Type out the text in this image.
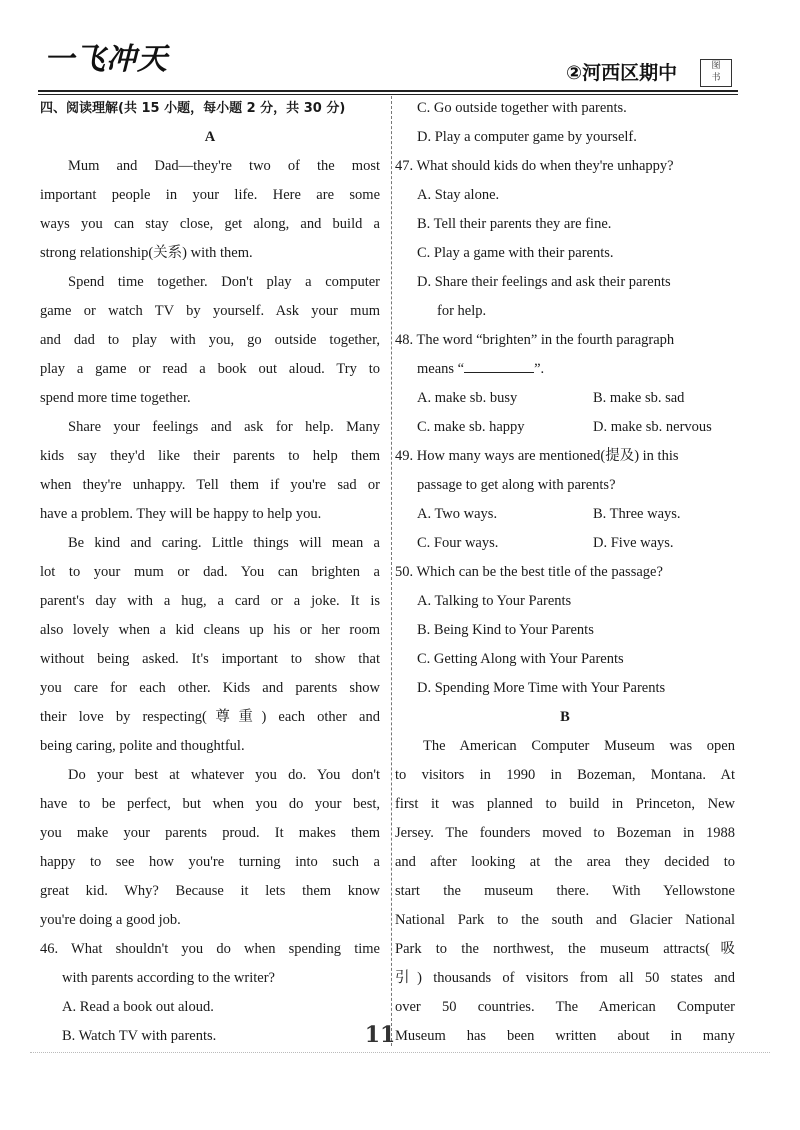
一飞冲天	②河西区期中	图
书
四、阅读理解(共 15 小题，每小题 2 分，共 30 分)
A
Mum and Dad—they're two of the most
important people in your life. Here are some
ways you can stay close, get along, and build a
strong relationship(关系) with them.
Spend time together. Don't play a computer
game or watch TV by yourself. Ask your mum
and dad to play with you, go outside together,
play a game or read a book out aloud. Try to
spend more time together.
Share your feelings and ask for help. Many
kids say they'd like their parents to help them
when they're unhappy. Tell them if you're sad or
have a problem. They will be happy to help you.
Be kind and caring. Little things will mean a
lot to your mum or dad. You can brighten a
parent's day with a hug, a card or a joke. It is
also lovely when a kid cleans up his or her room
without being asked. It's important to show that
you care for each other. Kids and parents show
their love by respecting(尊重) each other and
being caring, polite and thoughtful.
Do your best at whatever you do. You don't
have to be perfect, but when you do your best,
you make your parents proud. It makes them
happy to see how you're turning into such a
great kid. Why? Because it lets them know
you're doing a good job.
46. What shouldn't you do when spending time
with parents according to the writer?
A. Read a book out aloud.
B. Watch TV with parents.
C. Go outside together with parents.
D. Play a computer game by yourself.
47. What should kids do when they're unhappy?
A. Stay alone.
B. Tell their parents they are fine.
C. Play a game with their parents.
D. Share their feelings and ask their parents
for help.
48. The word “brighten” in the fourth paragraph
means “	”.
A. make sb. busy	B. make sb. sad
C. make sb. happy	D. make sb. nervous
49. How many ways are mentioned(提及) in this
passage to get along with parents?
A. Two ways.	B. Three ways.
C. Four ways.	D. Five ways.
50. Which can be the best title of the passage?
A. Talking to Your Parents
B. Being Kind to Your Parents
C. Getting Along with Your Parents
D. Spending More Time with Your Parents
B
The American Computer Museum was open
to visitors in 1990 in Bozeman, Montana. At
first it was planned to build in Princeton, New
Jersey. The founders moved to Bozeman in 1988
and after looking at the area they decided to
start the museum there. With Yellowstone
National Park to the south and Glacier National
Park to the northwest, the museum attracts(吸
引) thousands of visitors from all 50 states and
over 50 countries. The American Computer
Museum has been written about in many
11
